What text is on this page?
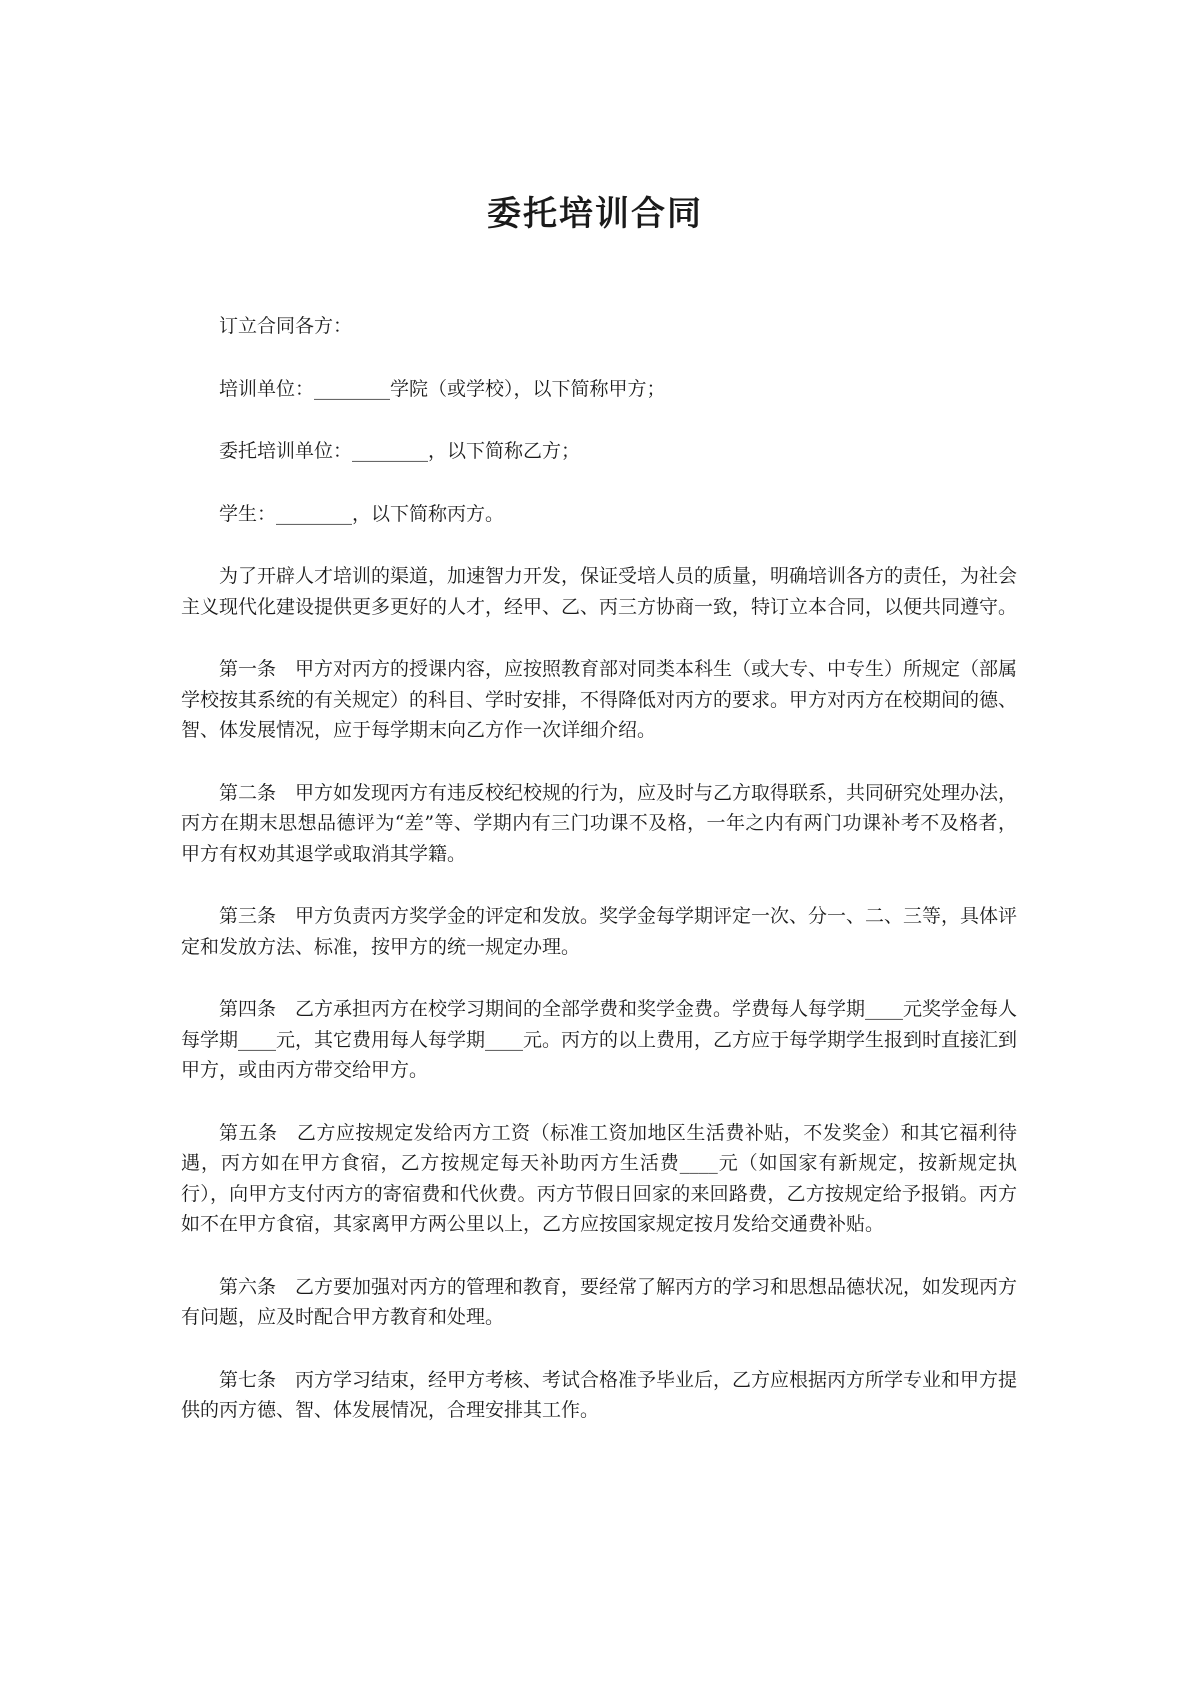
委托培训合同

订立合同各方：

培训单位：________学院（或学校），以下简称甲方；

委托培训单位：________，以下简称乙方；

学生：________，以下简称丙方。

为了开辟人才培训的渠道，加速智力开发，保证受培人员的质量，明确培训各方的责任，为社会主义现代化建设提供更多更好的人才，经甲、乙、丙三方协商一致，特订立本合同，以便共同遵守。

第一条　甲方对丙方的授课内容，应按照教育部对同类本科生（或大专、中专生）所规定（部属学校按其系统的有关规定）的科目、学时安排，不得降低对丙方的要求。甲方对丙方在校期间的德、智、体发展情况，应于每学期末向乙方作一次详细介绍。

第二条　甲方如发现丙方有违反校纪校规的行为，应及时与乙方取得联系，共同研究处理办法，丙方在期末思想品德评为“差”等、学期内有三门功课不及格，一年之内有两门功课补考不及格者，甲方有权劝其退学或取消其学籍。

第三条　甲方负责丙方奖学金的评定和发放。奖学金每学期评定一次、分一、二、三等，具体评定和发放方法、标准，按甲方的统一规定办理。

第四条　乙方承担丙方在校学习期间的全部学费和奖学金费。学费每人每学期____元奖学金每人每学期____元，其它费用每人每学期____元。丙方的以上费用，乙方应于每学期学生报到时直接汇到甲方，或由丙方带交给甲方。

第五条　乙方应按规定发给丙方工资（标准工资加地区生活费补贴，不发奖金）和其它福利待遇，丙方如在甲方食宿，乙方按规定每天补助丙方生活费____元（如国家有新规定，按新规定执行），向甲方支付丙方的寄宿费和代伙费。丙方节假日回家的来回路费，乙方按规定给予报销。丙方如不在甲方食宿，其家离甲方两公里以上，乙方应按国家规定按月发给交通费补贴。

第六条　乙方要加强对丙方的管理和教育，要经常了解丙方的学习和思想品德状况，如发现丙方有问题，应及时配合甲方教育和处理。

第七条　丙方学习结束，经甲方考核、考试合格准予毕业后，乙方应根据丙方所学专业和甲方提供的丙方德、智、体发展情况，合理安排其工作。
